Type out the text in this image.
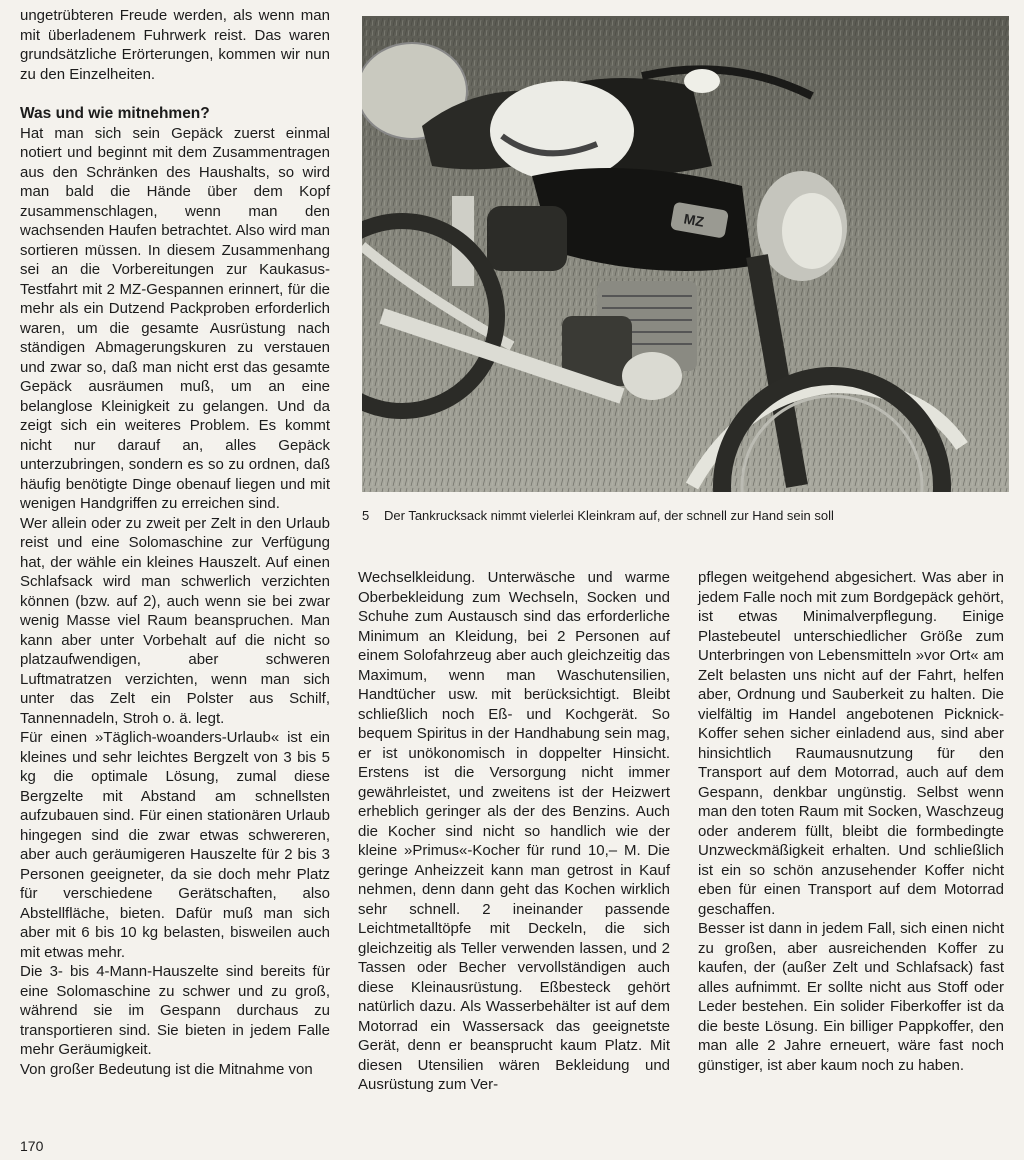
ungetrübteren Freude werden, als wenn man mit überladenem Fuhrwerk reist. Das waren grundsätzliche Erörterungen, kommen wir nun zu den Einzelheiten.

Was und wie mitnehmen?

Hat man sich sein Gepäck zuerst einmal notiert und beginnt mit dem Zusammentragen aus den Schränken des Haushalts, so wird man bald die Hände über dem Kopf zusammenschlagen, wenn man den wachsenden Haufen betrachtet. Also wird man sortieren müssen. In diesem Zusammenhang sei an die Vorbereitungen zur Kaukasus-Testfahrt mit 2 MZ-Gespannen erinnert, für die mehr als ein Dutzend Packproben erforderlich waren, um die gesamte Ausrüstung nach ständigen Abmagerungskuren zu verstauen und zwar so, daß man nicht erst das gesamte Gepäck ausräumen muß, um an eine belanglose Kleinigkeit zu gelangen. Und da zeigt sich ein weiteres Problem. Es kommt nicht nur darauf an, alles Gepäck unterzubringen, sondern es so zu ordnen, daß häufig benötigte Dinge obenauf liegen und mit wenigen Handgriffen zu erreichen sind.

Wer allein oder zu zweit per Zelt in den Urlaub reist und eine Solomaschine zur Verfügung hat, der wähle ein kleines Hauszelt. Auf einen Schlafsack wird man schwerlich verzichten können (bzw. auf 2), auch wenn sie bei zwar wenig Masse viel Raum beanspruchen. Man kann aber unter Vorbehalt auf die nicht so platzaufwendigen, aber schweren Luftmatratzen verzichten, wenn man sich unter das Zelt ein Polster aus Schilf, Tannennadeln, Stroh o. ä. legt.

Für einen »Täglich-woanders-Urlaub« ist ein kleines und sehr leichtes Bergzelt von 3 bis 5 kg die optimale Lösung, zumal diese Bergzelte mit Abstand am schnellsten aufzubauen sind. Für einen stationären Urlaub hingegen sind die zwar etwas schwereren, aber auch geräumigeren Hauszelte für 2 bis 3 Personen geeigneter, da sie doch mehr Platz für verschiedene Gerätschaften, also Abstellfläche, bieten. Dafür muß man sich aber mit 6 bis 10 kg belasten, bisweilen auch mit etwas mehr.

Die 3- bis 4-Mann-Hauszelte sind bereits für eine Solomaschine zu schwer und zu groß, während sie im Gespann durchaus zu transportieren sind. Sie bieten in jedem Falle mehr Geräumigkeit.

Von großer Bedeutung ist die Mitnahme von

MZ
5 Der Tankrucksack nimmt vielerlei Kleinkram auf, der schnell zur Hand sein soll

Wechselkleidung. Unterwäsche und warme Oberbekleidung zum Wechseln, Socken und Schuhe zum Austausch sind das erforderliche Minimum an Kleidung, bei 2 Personen auf einem Solofahrzeug aber auch gleichzeitig das Maximum, wenn man Waschutensilien, Handtücher usw. mit berücksichtigt. Bleibt schließlich noch Eß- und Kochgerät. So bequem Spiritus in der Handhabung sein mag, er ist unökonomisch in doppelter Hinsicht. Erstens ist die Versorgung nicht immer gewährleistet, und zweitens ist der Heizwert erheblich geringer als der des Benzins. Auch die Kocher sind nicht so handlich wie der kleine »Primus«-Kocher für rund 10,– M. Die geringe Anheizzeit kann man getrost in Kauf nehmen, denn dann geht das Kochen wirklich sehr schnell. 2 ineinander passende Leichtmetalltöpfe mit Deckeln, die sich gleichzeitig als Teller verwenden lassen, und 2 Tassen oder Becher vervollständigen auch diese Kleinausrüstung. Eßbesteck gehört natürlich dazu. Als Wasserbehälter ist auf dem Motorrad ein Wassersack das geeignetste Gerät, denn er beansprucht kaum Platz. Mit diesen Utensilien wären Bekleidung und Ausrüstung zum Ver-

pflegen weitgehend abgesichert. Was aber in jedem Falle noch mit zum Bordgepäck gehört, ist etwas Minimalverpflegung. Einige Plastebeutel unterschiedlicher Größe zum Unterbringen von Lebensmitteln »vor Ort« am Zelt belasten uns nicht auf der Fahrt, helfen aber, Ordnung und Sauberkeit zu halten. Die vielfältig im Handel angebotenen Picknick-Koffer sehen sicher einladend aus, sind aber hinsichtlich Raumausnutzung für den Transport auf dem Motorrad, auch auf dem Gespann, denkbar ungünstig. Selbst wenn man den toten Raum mit Socken, Waschzeug oder anderem füllt, bleibt die formbedingte Unzweckmäßigkeit erhalten. Und schließlich ist ein so schön anzusehender Koffer nicht eben für einen Transport auf dem Motorrad geschaffen.

Besser ist dann in jedem Fall, sich einen nicht zu großen, aber ausreichenden Koffer zu kaufen, der (außer Zelt und Schlafsack) fast alles aufnimmt. Er sollte nicht aus Stoff oder Leder bestehen. Ein solider Fiberkoffer ist da die beste Lösung. Ein billiger Pappkoffer, den man alle 2 Jahre erneuert, wäre fast noch günstiger, ist aber kaum noch zu haben.

170
